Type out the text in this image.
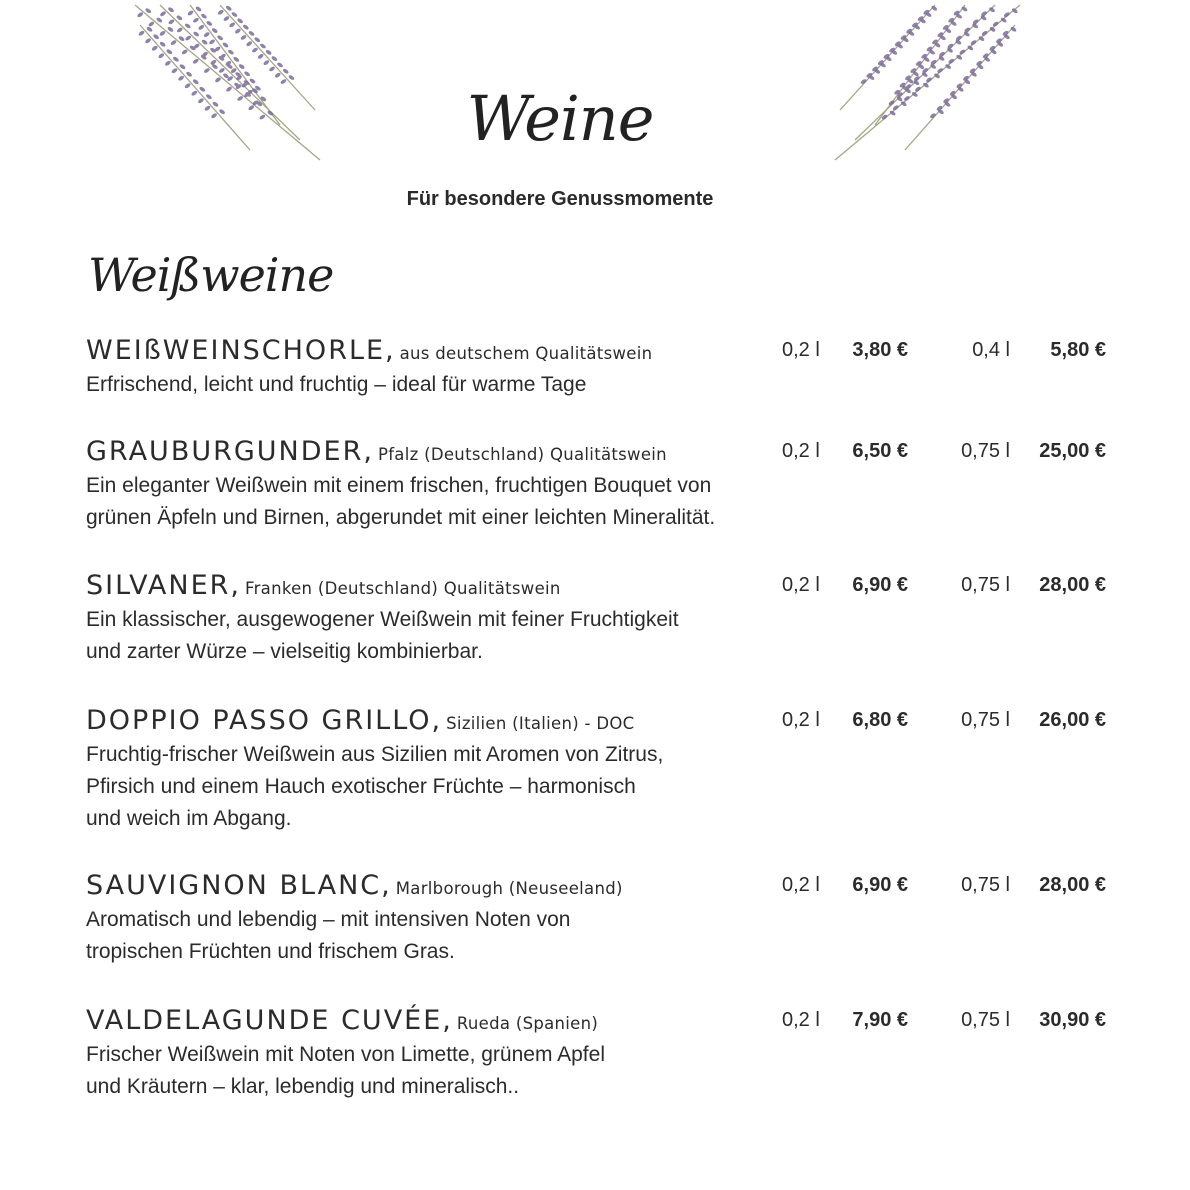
Weine
Für besondere Genussmomente
Weißweine
WEIßWEINSCHORLE, aus deutschem Qualitätswein	0,2 l	3,80 €	0,4 l	5,80 €
Erfrischend, leicht und fruchtig – ideal für warme Tage
GRAUBURGUNDER, Pfalz (Deutschland) Qualitätswein	0,2 l	6,50 €	0,75 l	25,00 €
Ein eleganter Weißwein mit einem frischen, fruchtigen Bouquet von
grünen Äpfeln und Birnen, abgerundet mit einer leichten Mineralität.
SILVANER, Franken (Deutschland) Qualitätswein	0,2 l	6,90 €	0,75 l	28,00 €
Ein klassischer, ausgewogener Weißwein mit feiner Fruchtigkeit
und zarter Würze – vielseitig kombinierbar.
DOPPIO PASSO GRILLO, Sizilien (Italien) - DOC	0,2 l	6,80 €	0,75 l	26,00 €
Fruchtig-frischer Weißwein aus Sizilien mit Aromen von Zitrus,
Pfirsich und einem Hauch exotischer Früchte – harmonisch
und weich im Abgang.
SAUVIGNON BLANC, Marlborough (Neuseeland)	0,2 l	6,90 €	0,75 l	28,00 €
Aromatisch und lebendig – mit intensiven Noten von
tropischen Früchten und frischem Gras.
VALDELAGUNDE CUVÉE, Rueda (Spanien)	0,2 l	7,90 €	0,75 l	30,90 €
Frischer Weißwein mit Noten von Limette, grünem Apfel
und Kräutern – klar, lebendig und mineralisch..
